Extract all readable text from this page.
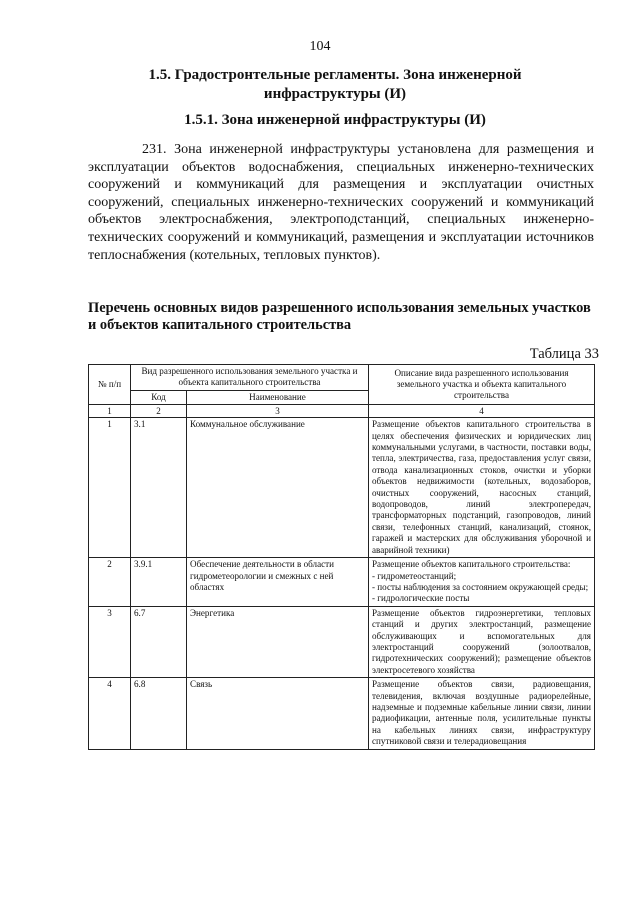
104
1.5. Градостронтельные регламенты. Зона инженерной инфраструктуры (И)
1.5.1. Зона инженерной инфраструктуры (И)
231. Зона инженерной инфраструктуры установлена для размещения и эксплуатации объектов водоснабжения, специальных инженерно-технических сооружений и коммуникаций для размещения и эксплуатации очистных сооружений, специальных инженерно-технических сооружений и коммуникаций объектов электроснабжения, электроподстанций, специальных инженерно-технических сооружений и коммуникаций, размещения и эксплуатации источников теплоснабжения (котельных, тепловых пунктов).
Перечень основных видов разрешенного использования земельных участков и объектов капитального строительства
Таблица 33
№ п/п	Вид разрешенного использования земельного участка и объекта капитального строительства		Описание вида разрешенного использования земельного участка и объекта капитального строительства
	Код	Наименование	
1	2	3	4
1	3.1	Коммунальное обслуживание	Размещение объектов капитального строительства в целях обеспечения физических и юридических лиц коммунальными услугами, в частности, поставки воды, тепла, электричества, газа, предоставления услуг связи, отвода канализационных стоков, очистки и уборки объектов недвижимости (котельных, водозаборов, очистных сооружений, насосных станций, водопроводов, линий электропередач, трансформаторных подстанций, газопроводов, линий связи, телефонных станций, канализаций, стоянок, гаражей и мастерских для обслуживания уборочной и аварийной техники)

2	3.9.1	Обеспечение деятельности в области гидрометеорологии и смежных с ней областях	Размещение объектов капитального строительства:
- гидрометеостанций;
- посты наблюдения за состоянием окружающей среды;
- гидрологические посты

3	6.7	Энергетика	Размещение объектов гидроэнергетики, тепловых станций и других электростанций, размещение обслуживающих и вспомогательных для электростанций сооружений (золоотвалов, гидротехнических сооружений); размещение объектов электросетевого хозяйства

4	6.8	Связь	Размещение объектов связи, радиовещания, телевидения, включая воздушные радиорелейные, надземные и подземные кабельные линии связи, линии радиофикации, антенные поля, усилительные пункты на кабельных линиях связи, инфраструктуру спутниковой связи и телерадиовещания
